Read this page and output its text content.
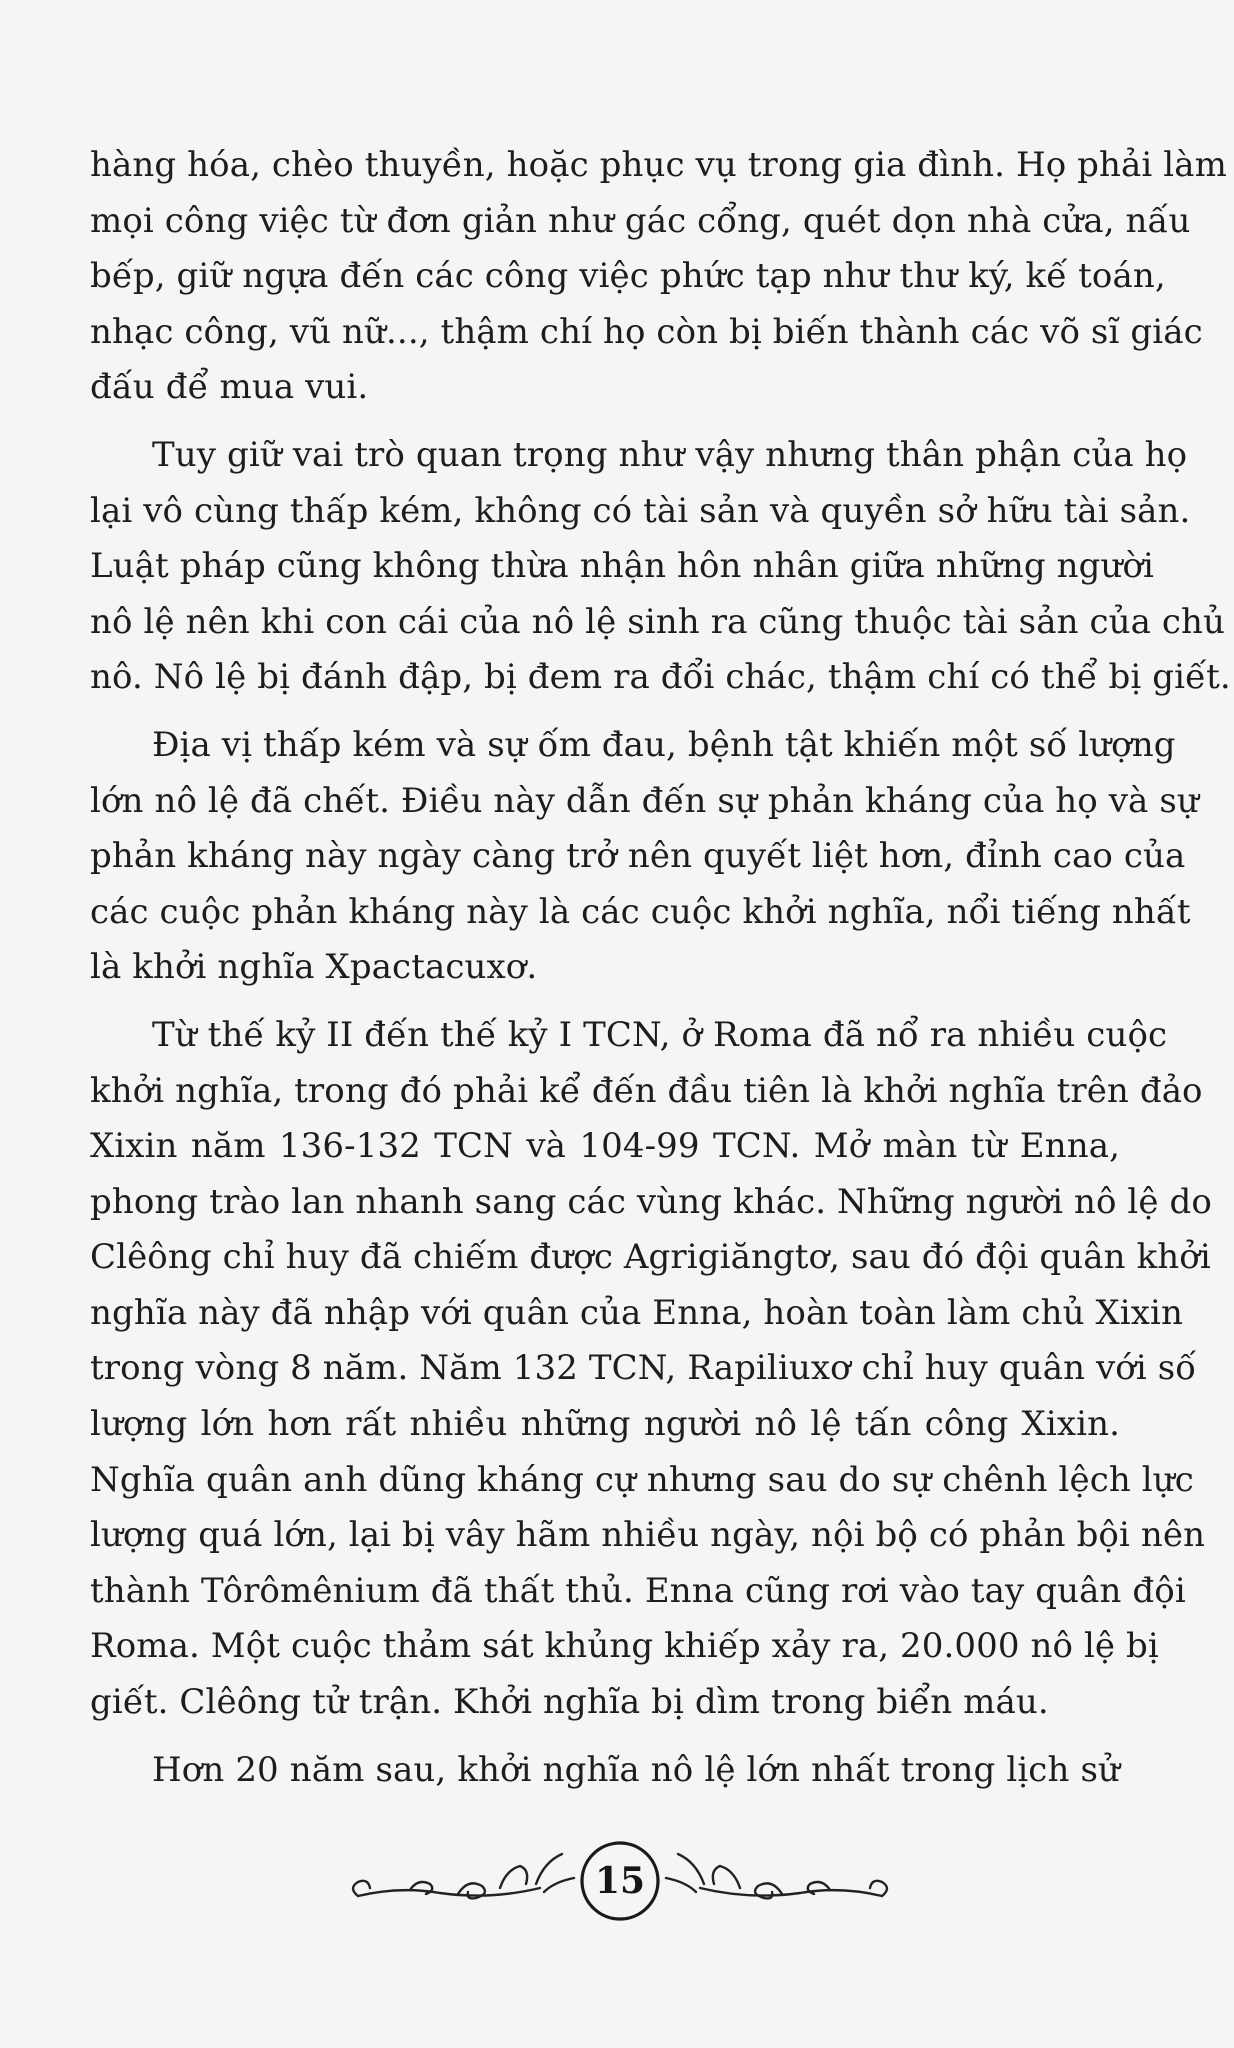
hàng hóa, chèo thuyền, hoặc phục vụ trong gia đình. Họ phải làm
mọi công việc từ đơn giản như gác cổng, quét dọn nhà cửa, nấu
bếp, giữ ngựa đến các công việc phức tạp như thư ký, kế toán,
nhạc công, vũ nữ..., thậm chí họ còn bị biến thành các võ sĩ giác
đấu để mua vui.
Tuy giữ vai trò quan trọng như vậy nhưng thân phận của họ
lại vô cùng thấp kém, không có tài sản và quyền sở hữu tài sản.
Luật pháp cũng không thừa nhận hôn nhân giữa những người
nô lệ nên khi con cái của nô lệ sinh ra cũng thuộc tài sản của chủ
nô. Nô lệ bị đánh đập, bị đem ra đổi chác, thậm chí có thể bị giết.
Địa vị thấp kém và sự ốm đau, bệnh tật khiến một số lượng
lớn nô lệ đã chết. Điều này dẫn đến sự phản kháng của họ và sự
phản kháng này ngày càng trở nên quyết liệt hơn, đỉnh cao của
các cuộc phản kháng này là các cuộc khởi nghĩa, nổi tiếng nhất
là khởi nghĩa Xpactacuxơ.
Từ thế kỷ II đến thế kỷ I TCN, ở Roma đã nổ ra nhiều cuộc
khởi nghĩa, trong đó phải kể đến đầu tiên là khởi nghĩa trên đảo
Xixin năm 136-132 TCN và 104-99 TCN. Mở màn từ Enna,
phong trào lan nhanh sang các vùng khác. Những người nô lệ do
Clêông chỉ huy đã chiếm được Agrigiăngtơ, sau đó đội quân khởi
nghĩa này đã nhập với quân của Enna, hoàn toàn làm chủ Xixin
trong vòng 8 năm. Năm 132 TCN, Rapiliuxơ chỉ huy quân với số
lượng lớn hơn rất nhiều những người nô lệ tấn công Xixin.
Nghĩa quân anh dũng kháng cự nhưng sau do sự chênh lệch lực
lượng quá lớn, lại bị vây hãm nhiều ngày, nội bộ có phản bội nên
thành Tôrômênium đã thất thủ. Enna cũng rơi vào tay quân đội
Roma. Một cuộc thảm sát khủng khiếp xảy ra, 20.000 nô lệ bị
giết. Clêông tử trận. Khởi nghĩa bị dìm trong biển máu.
Hơn 20 năm sau, khởi nghĩa nô lệ lớn nhất trong lịch sử
15
